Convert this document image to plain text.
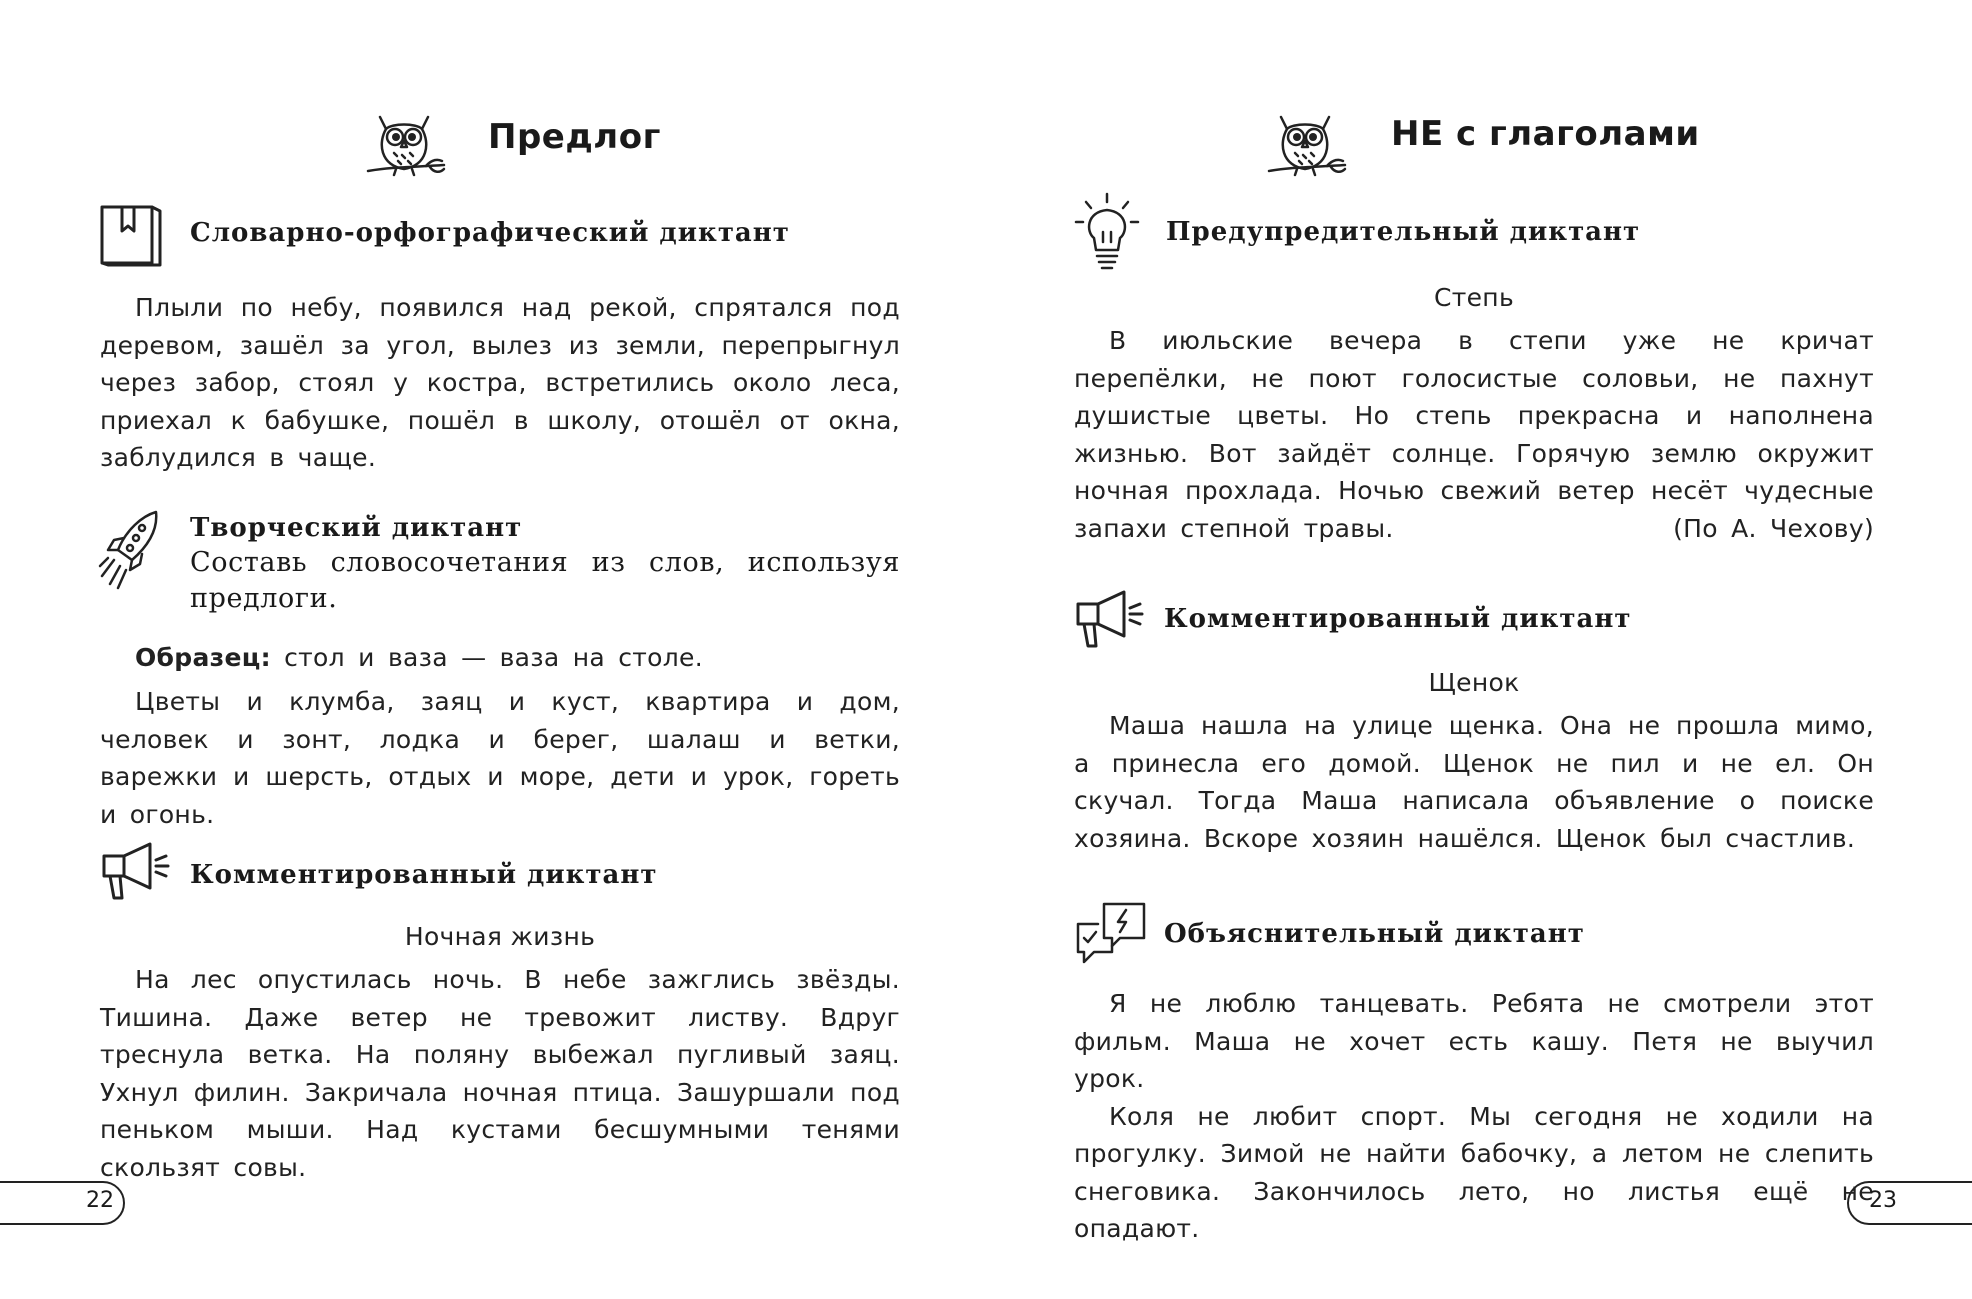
Предлог
Словарно-орфографический диктант
Плыли по небу, появился над рекой, спрятался под деревом, зашёл за угол, вылез из земли, перепрыгнул через забор, стоял у костра, встретились около леса, приехал к бабушке, пошёл в школу, отошёл от окна, заблудился в чаще.
Творческий диктант
Составь словосочетания из слов, используя предлоги.
Образец: стол и ваза — ваза на столе.
Цветы и клумба, заяц и куст, квартира и дом, человек и зонт, лодка и берег, шалаш и ветки, варежки и шерсть, отдых и море, дети и урок, гореть и огонь.
Комментированный диктант
Ночная жизнь
На лес опустилась ночь. В небе зажглись звёзды. Тишина. Даже ветер не тревожит листву. Вдруг треснула ветка. На поляну выбежал пугливый заяц. Ухнул филин. Закричала ночная птица. Зашуршали под пеньком мыши. Над кустами бесшумными тенями скользят совы.
22
НЕ с глаголами
Предупредительный диктант
Степь
В июльские вечера в степи уже не кричат перепёлки, не поют голосистые соловьи, не пахнут душистые цветы. Но степь прекрасна и наполнена жизнью. Вот зайдёт солнце. Горячую землю окружит ночная прохлада. Ночью свежий ветер несёт чудесные запахи степной травы.	(По А. Чехову)
Комментированный диктант
Щенок
Маша нашла на улице щенка. Она не прошла мимо, а принесла его домой. Щенок не пил и не ел. Он скучал. Тогда Маша написала объявление о поиске хозяина. Вскоре хозяин нашёлся. Щенок был счастлив.
Объяснительный диктант

Я не люблю танцевать. Ребята не смотрели этот фильм. Маша не хочет есть кашу. Петя не выучил урок.

Коля не любит спорт. Мы сегодня не ходили на прогулку. Зимой не найти бабочку, а летом не слепить снеговика. Закончилось лето, но листья ещё не опадают.

23
